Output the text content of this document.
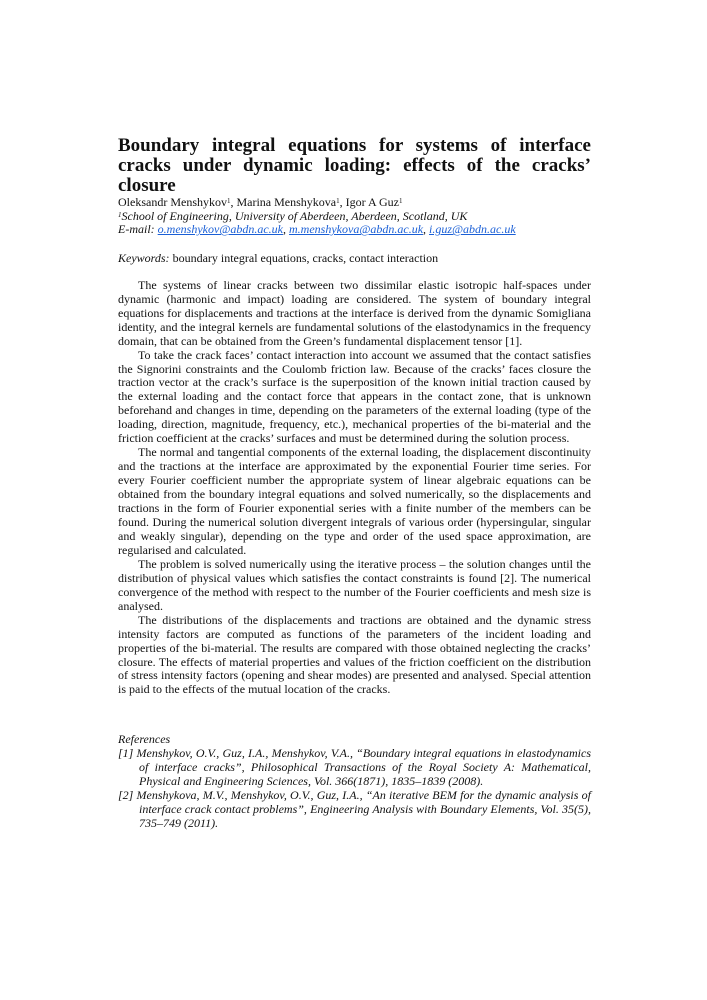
Boundary integral equations for systems of interface cracks under dynamic loading: effects of the cracks’ closure
Oleksandr Menshykov$^1$, Marina Menshykova$^1$, Igor A Guz$^1$
$^1$School of Engineering, University of Aberdeen, Aberdeen, Scotland, UK
E-mail: o.menshykov@abdn.ac.uk, m.menshykova@abdn.ac.uk, i.guz@abdn.ac.uk
Keywords: boundary integral equations, cracks, contact interaction

The systems of linear cracks between two dissimilar elastic isotropic half-spaces under dynamic (harmonic and impact) loading are considered. The system of boundary integral equations for displacements and tractions at the interface is derived from the dynamic Somigliana identity, and the integral kernels are fundamental solutions of the elastodynamics in the frequency domain, that can be obtained from the Green’s fundamental displacement tensor [1].

To take the crack faces’ contact interaction into account we assumed that the contact satisfies the Signorini constraints and the Coulomb friction law. Because of the cracks’ faces closure the traction vector at the crack’s surface is the superposition of the known initial traction caused by the external loading and the contact force that appears in the contact zone, that is unknown beforehand and changes in time, depending on the parameters of the external loading (type of the loading, direction, magnitude, frequency, etc.), mechanical properties of the bi-material and the friction coefficient at the cracks’ surfaces and must be determined during the solution process.

The normal and tangential components of the external loading, the displacement discontinuity and the tractions at the interface are approximated by the exponential Fourier time series. For every Fourier coefficient number the appropriate system of linear algebraic equations can be obtained from the boundary integral equations and solved numerically, so the displacements and tractions in the form of Fourier exponential series with a finite number of the members can be found. During the numerical solution divergent integrals of various order (hypersingular, singular and weakly singular), depending on the type and order of the used space approximation, are regularised and calculated.

The problem is solved numerically using the iterative process – the solution changes until the distribution of physical values which satisfies the contact constraints is found [2]. The numerical convergence of the method with respect to the number of the Fourier coefficients and mesh size is analysed.

The distributions of the displacements and tractions are obtained and the dynamic stress intensity factors are computed as functions of the parameters of the incident loading and properties of the bi-material. The results are compared with those obtained neglecting the cracks’ closure. The effects of material properties and values of the friction coefficient on the distribution of stress intensity factors (opening and shear modes) are presented and analysed. Special attention is paid to the effects of the mutual location of the cracks.

References
[1] Menshykov, O.V., Guz, I.A., Menshykov, V.A., “Boundary integral equations in elastodynamics of interface cracks”, Philosophical Transactions of the Royal Society A: Mathematical, Physical and Engineering Sciences, Vol. 366(1871), 1835–1839 (2008).
[2] Menshykova, M.V., Menshykov, O.V., Guz, I.A., “An iterative BEM for the dynamic analysis of interface crack contact problems”, Engineering Analysis with Boundary Elements, Vol. 35(5), 735–749 (2011).
